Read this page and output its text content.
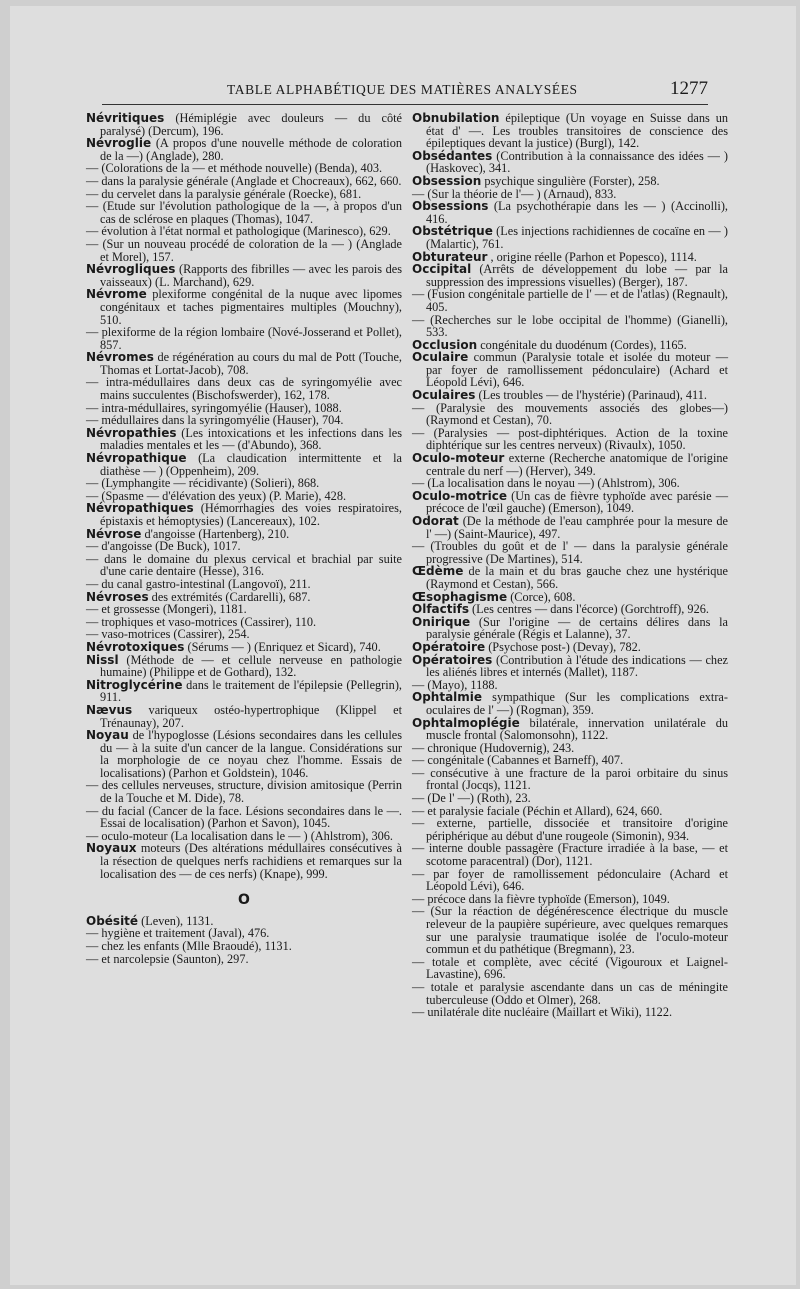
TABLE ALPHABÉTIQUE DES MATIÈRES ANALYSÉES	1277

Névritiques (Hémiplégie avec douleurs — du côté paralysé) (Dercum), 196.

Névroglie (A propos d'une nouvelle méthode de coloration de la —) (Anglade), 280.

— (Colorations de la — et méthode nouvelle) (Benda), 403.

— dans la paralysie générale (Anglade et Chocreaux), 662, 660.

— du cervelet dans la paralysie générale (Roecke), 681.

— (Etude sur l'évolution pathologique de la —, à propos d'un cas de sclérose en plaques (Thomas), 1047.

— évolution à l'état normal et pathologique (Marinesco), 629.

— (Sur un nouveau procédé de coloration de la — ) (Anglade et Morel), 157.

Névrogliques (Rapports des fibrilles — avec les parois des vaisseaux) (L. Marchand), 629.

Névrome plexiforme congénital de la nuque avec lipomes congénitaux et taches pigmentaires multiples (Mouchny), 510.

— plexiforme de la région lombaire (Nové-Josserand et Pollet), 857.

Névromes de régénération au cours du mal de Pott (Touche, Thomas et Lortat-Jacob), 708.

— intra-médullaires dans deux cas de syringomyélie avec mains succulentes (Bischofswerder), 162, 178.

— intra-médullaires, syringomyélie (Hauser), 1088.

— médullaires dans la syringomyélie (Hauser), 704.

Névropathies (Les intoxications et les infections dans les maladies mentales et les — (d'Abundo), 368.

Névropathique (La claudication intermittente et la diathèse — ) (Oppenheim), 209.

— (Lymphangite — récidivante) (Solieri), 868.

— (Spasme — d'élévation des yeux) (P. Marie), 428.

Névropathiques (Hémorrhagies des voies respiratoires, épistaxis et hémoptysies) (Lancereaux), 102.

Névrose d'angoisse (Hartenberg), 210.

— d'angoisse (De Buck), 1017.

— dans le domaine du plexus cervical et brachial par suite d'une carie dentaire (Hesse), 316.

— du canal gastro-intestinal (Langovoï), 211.

Névroses des extrémités (Cardarelli), 687.

— et grossesse (Mongeri), 1181.

— trophiques et vaso-motrices (Cassirer), 110.

— vaso-motrices (Cassirer), 254.

Névrotoxiques (Sérums — ) (Enriquez et Sicard), 740.

Nissl (Méthode de — et cellule nerveuse en pathologie humaine) (Philippe et de Gothard), 132.

Nitroglycérine dans le traitement de l'épilepsie (Pellegrin), 911.

Nævus variqueux ostéo-hypertrophique (Klippel et Trénaunay), 207.

Noyau de l'hypoglosse (Lésions secondaires dans les cellules du — à la suite d'un cancer de la langue. Considérations sur la morphologie de ce noyau chez l'homme. Essais de localisations) (Parhon et Goldstein), 1046.

— des cellules nerveuses, structure, division amitosique (Perrin de la Touche et M. Dide), 78.

— du facial (Cancer de la face. Lésions secondaires dans le —. Essai de localisation) (Parhon et Savon), 1045.

— oculo-moteur (La localisation dans le — ) (Ahlstrom), 306.

Noyaux moteurs (Des altérations médullaires consécutives à la résection de quelques nerfs rachidiens et remarques sur la localisation des — de ces nerfs) (Knape), 999.

O

Obésité (Leven), 1131.

— hygiène et traitement (Javal), 476.

— chez les enfants (Mlle Braoudé), 1131.

— et narcolepsie (Saunton), 297.

Obnubilation épileptique (Un voyage en Suisse dans un état d' —. Les troubles transitoires de conscience des épileptiques devant la justice) (Burgl), 142.

Obsédantes (Contribution à la connaissance des idées — ) (Haskovec), 341.

Obsession psychique singulière (Forster), 258.

— (Sur la théorie de l'— ) (Arnaud), 833.

Obsessions (La psychothérapie dans les — ) (Accinolli), 416.

Obstétrique (Les injections rachidiennes de cocaïne en — ) (Malartic), 761.

Obturateur , origine réelle (Parhon et Popesco), 1114.

Occipital (Arrêts de développement du lobe — par la suppression des impressions visuelles) (Berger), 187.

— (Fusion congénitale partielle de l' — et de l'atlas) (Regnault), 405.

— (Recherches sur le lobe occipital de l'homme) (Gianelli), 533.

Occlusion congénitale du duodénum (Cordes), 1165.

Oculaire commun (Paralysie totale et isolée du moteur — par foyer de ramollissement pédonculaire) (Achard et Léopold Lévi), 646.

Oculaires (Les troubles — de l'hystérie) (Parinaud), 411.

— (Paralysie des mouvements associés des globes—) (Raymond et Cestan), 70.

— (Paralysies — post-diphtériques. Action de la toxine diphtérique sur les centres nerveux) (Rivaulx), 1050.

Oculo-moteur externe (Recherche anatomique de l'origine centrale du nerf —) (Herver), 349.

— (La localisation dans le noyau —) (Ahlstrom), 306.

Oculo-motrice (Un cas de fièvre typhoïde avec parésie — précoce de l'œil gauche) (Emerson), 1049.

Odorat (De la méthode de l'eau camphrée pour la mesure de l' —) (Saint-Maurice), 497.

— (Troubles du goût et de l' — dans la paralysie générale progressive (De Martines), 514.

Œdème de la main et du bras gauche chez une hystérique (Raymond et Cestan), 566.

Œsophagisme (Corce), 608.

Olfactifs (Les centres — dans l'écorce) (Gorchtroff), 926.

Onirique (Sur l'origine — de certains délires dans la paralysie générale (Régis et Lalanne), 37.

Opératoire (Psychose post-) (Devay), 782.

Opératoires (Contribution à l'étude des indications — chez les aliénés libres et internés (Mallet), 1187.

— (Mayo), 1188.

Ophtalmie sympathique (Sur les complications extra-oculaires de l' —) (Rogman), 359.

Ophtalmoplégie bilatérale, innervation unilatérale du muscle frontal (Salomonsohn), 1122.

— chronique (Hudovernig), 243.

— congénitale (Cabannes et Barneff), 407.

— consécutive à une fracture de la paroi orbitaire du sinus frontal (Jocqs), 1121.

— (De l' —) (Roth), 23.

— et paralysie faciale (Péchin et Allard), 624, 660.

— externe, partielle, dissociée et transitoire d'origine périphérique au début d'une rougeole (Simonin), 934.

— interne double passagère (Fracture irradiée à la base, — et scotome paracentral) (Dor), 1121.

— par foyer de ramollissement pédonculaire (Achard et Léopold Lévi), 646.

— précoce dans la fièvre typhoïde (Emerson), 1049.

— (Sur la réaction de dégénérescence électrique du muscle releveur de la paupière supérieure, avec quelques remarques sur une paralysie traumatique isolée de l'oculo-moteur commun et du pathétique (Bregmann), 23.

— totale et complète, avec cécité (Vigouroux et Laignel-Lavastine), 696.

— totale et paralysie ascendante dans un cas de méningite tuberculeuse (Oddo et Olmer), 268.

— unilatérale dite nucléaire (Maillart et Wiki), 1122.
